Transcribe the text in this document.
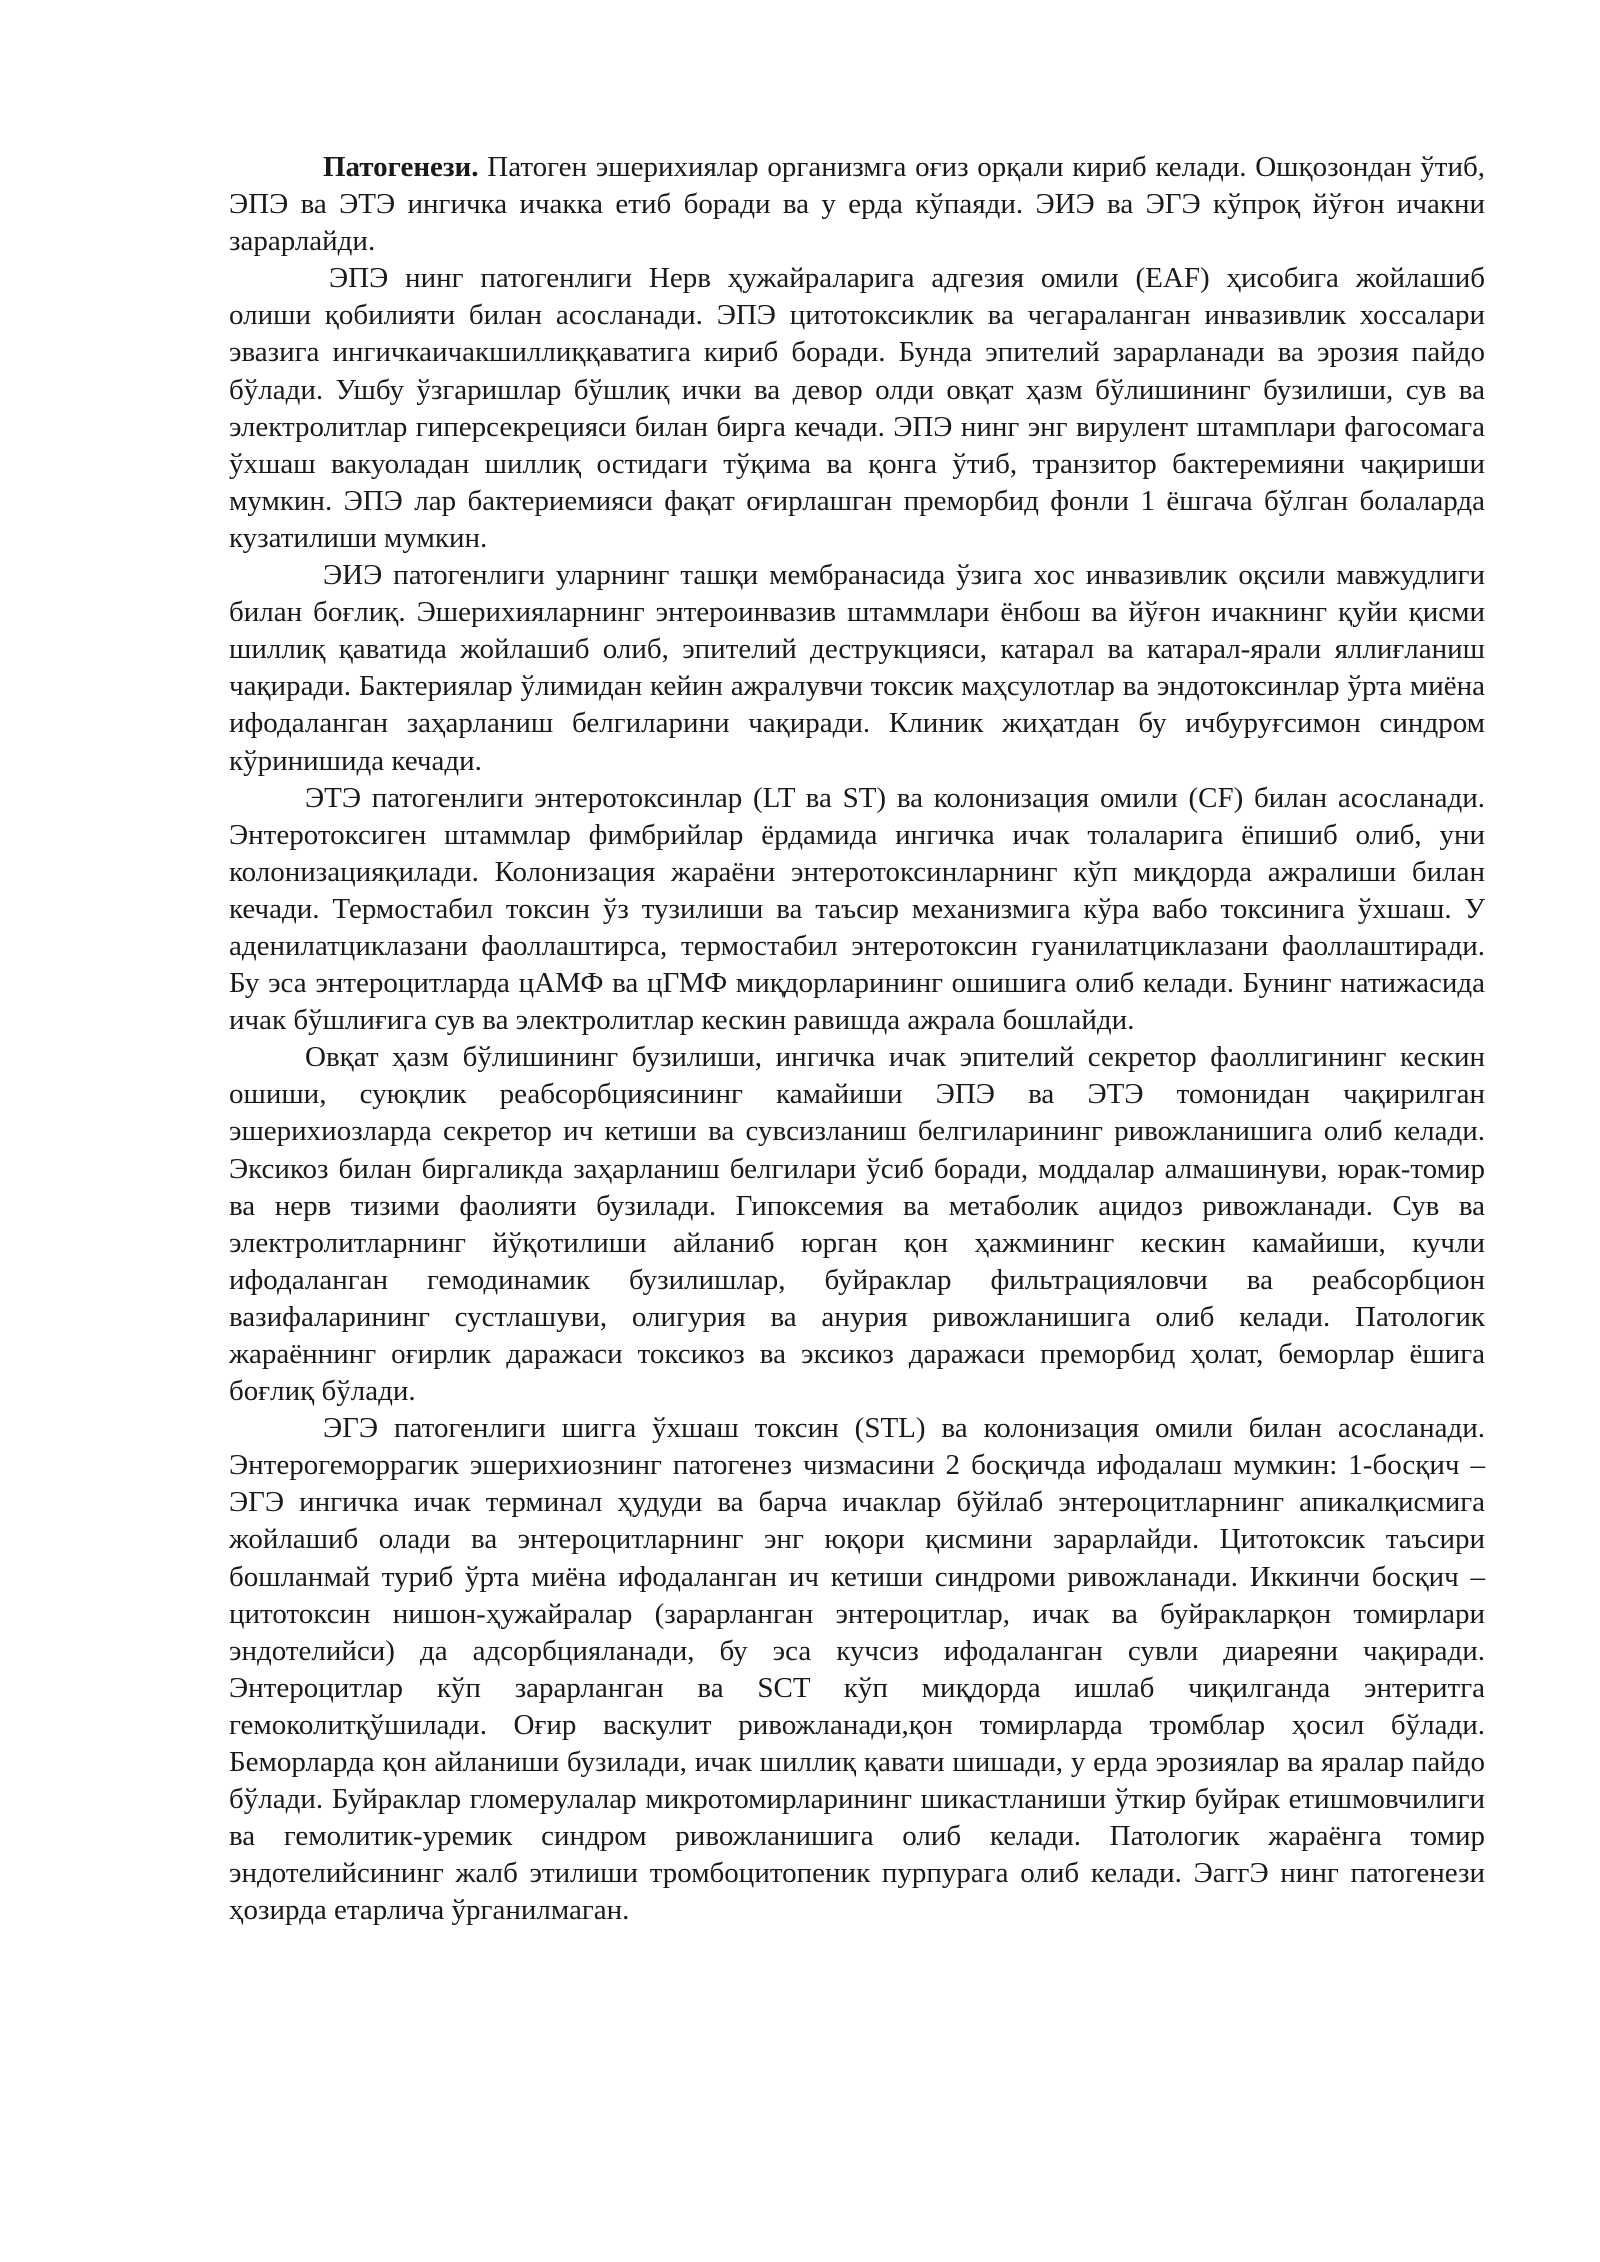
Патогенези. Патоген эшерихиялар организмга оғиз орқали кириб келади. Ошқозондан ўтиб, ЭПЭ ва ЭТЭ ингичка ичакка етиб боради ва у ерда кўпаяди. ЭИЭ ва ЭГЭ кўпроқ йўғон ичакни зарарлайди.

ЭПЭ нинг патогенлиги Нерв ҳужайраларига адгезия омили (EAF) ҳисобига жойлашиб олиши қобилияти билан асосланади. ЭПЭ цитотоксиклик ва чегараланган инвазивлик хоссалари эвазига ингичкаичакшиллиққаватига кириб боради. Бунда эпителий зарарланади ва эрозия пайдо бўлади. Ушбу ўзгаришлар бўшлиқ ички ва девор олди овқат ҳазм бўлишининг бузилиши, сув ва электролитлар гиперсекрецияси билан бирга кечади. ЭПЭ нинг энг вирулент штамплари фагосомага ўхшаш вакуоладан шиллиқ остидаги тўқима ва қонга ўтиб, транзитор бактеремияни чақириши мумкин. ЭПЭ лар бактериемияси фақат оғирлашган преморбид фонли 1 ёшгача бўлган болаларда кузатилиши мумкин.

ЭИЭ патогенлиги уларнинг ташқи мембранасида ўзига хос инвазивлик оқсили мавжудлиги билан боғлиқ. Эшерихияларнинг энтероинвазив штаммлари ёнбош ва йўғон ичакнинг қуйи қисми шиллиқ қаватида жойлашиб олиб, эпителий деструкцияси, катарал ва катарал-ярали яллиғланиш чақиради. Бактериялар ўлимидан кейин ажралувчи токсик маҳсулотлар ва эндотоксинлар ўрта миёна ифодаланган заҳарланиш белгиларини чақиради. Клиник жиҳатдан бу ичбуруғсимон синдром кўринишида кечади.

ЭТЭ патогенлиги энтеротоксинлар (LT ва ST) ва колонизация омили (CF) билан асосланади. Энтеротоксиген штаммлар фимбрийлар ёрдамида ингичка ичак толаларига ёпишиб олиб, уни колонизацияқилади. Колонизация жараёни энтеротоксинларнинг кўп миқдорда ажралиши билан кечади. Термостабил токсин ўз тузилиши ва таъсир механизмига кўра вабо токсинига ўхшаш. У аденилатциклазани фаоллаштирса, термостабил энтеротоксин гуанилатциклазани фаоллаштиради. Бу эса энтероцитларда цАМФ ва цГМФ миқдорларининг ошишига олиб келади. Бунинг натижасида ичак бўшлиғига сув ва электролитлар кескин равишда ажрала бошлайди.

Овқат ҳазм бўлишининг бузилиши, ингичка ичак эпителий секретор фаоллигининг кескин ошиши, суюқлик реабсорбциясининг камайиши ЭПЭ ва ЭТЭ томонидан чақирилган эшерихиозларда секретор ич кетиши ва сувсизланиш белгиларининг ривожланишига олиб келади. Эксикоз билан биргаликда заҳарланиш белгилари ўсиб боради, моддалар алмашинуви, юрак-томир ва нерв тизими фаолияти бузилади. Гипоксемия ва метаболик ацидоз ривожланади. Сув ва электролитларнинг йўқотилиши айланиб юрган қон ҳажмининг кескин камайиши, кучли ифодаланган гемодинамик бузилишлар, буйраклар фильтрацияловчи ва реабсорбцион вазифаларининг сустлашуви, олигурия ва анурия ривожланишига олиб келади. Патологик жараённинг оғирлик даражаси токсикоз ва эксикоз даражаси преморбид ҳолат, беморлар ёшига боғлиқ бўлади.

ЭГЭ патогенлиги шигга ўхшаш токсин (STL) ва колонизация омили билан асосланади. Энтерогеморрагик эшерихиознинг патогенез чизмасини 2 босқичда ифодалаш мумкин: 1-босқич – ЭГЭ ингичка ичак терминал ҳудуди ва барча ичаклар бўйлаб энтероцитларнинг апикалқисмига жойлашиб олади ва энтероцитларнинг энг юқори қисмини зарарлайди. Цитотоксик таъсири бошланмай туриб ўрта миёна ифодаланган ич кетиши синдроми ривожланади. Иккинчи босқич – цитотоксин нишон-ҳужайралар (зарарланган энтероцитлар, ичак ва буйракларқон томирлари эндотелийси) да адсорбцияланади, бу эса кучсиз ифодаланган сувли диареяни чақиради. Энтероцитлар кўп зарарланган ва SCT кўп миқдорда ишлаб чиқилганда энтеритга гемоколитқўшилади. Оғир васкулит ривожланади,қон томирларда тромблар ҳосил бўлади. Беморларда қон айланиши бузилади, ичак шиллиқ қавати шишади, у ерда эрозиялар ва яралар пайдо бўлади. Буйраклар гломерулалар микротомирларининг шикастланиши ўткир буйрак етишмовчилиги ва гемолитик-уремик синдром ривожланишига олиб келади. Патологик жараёнга томир эндотелийсининг жалб этилиши тромбоцитопеник пурпурага олиб келади. ЭаггЭ нинг патогенези ҳозирда етарлича ўрганилмаган.
